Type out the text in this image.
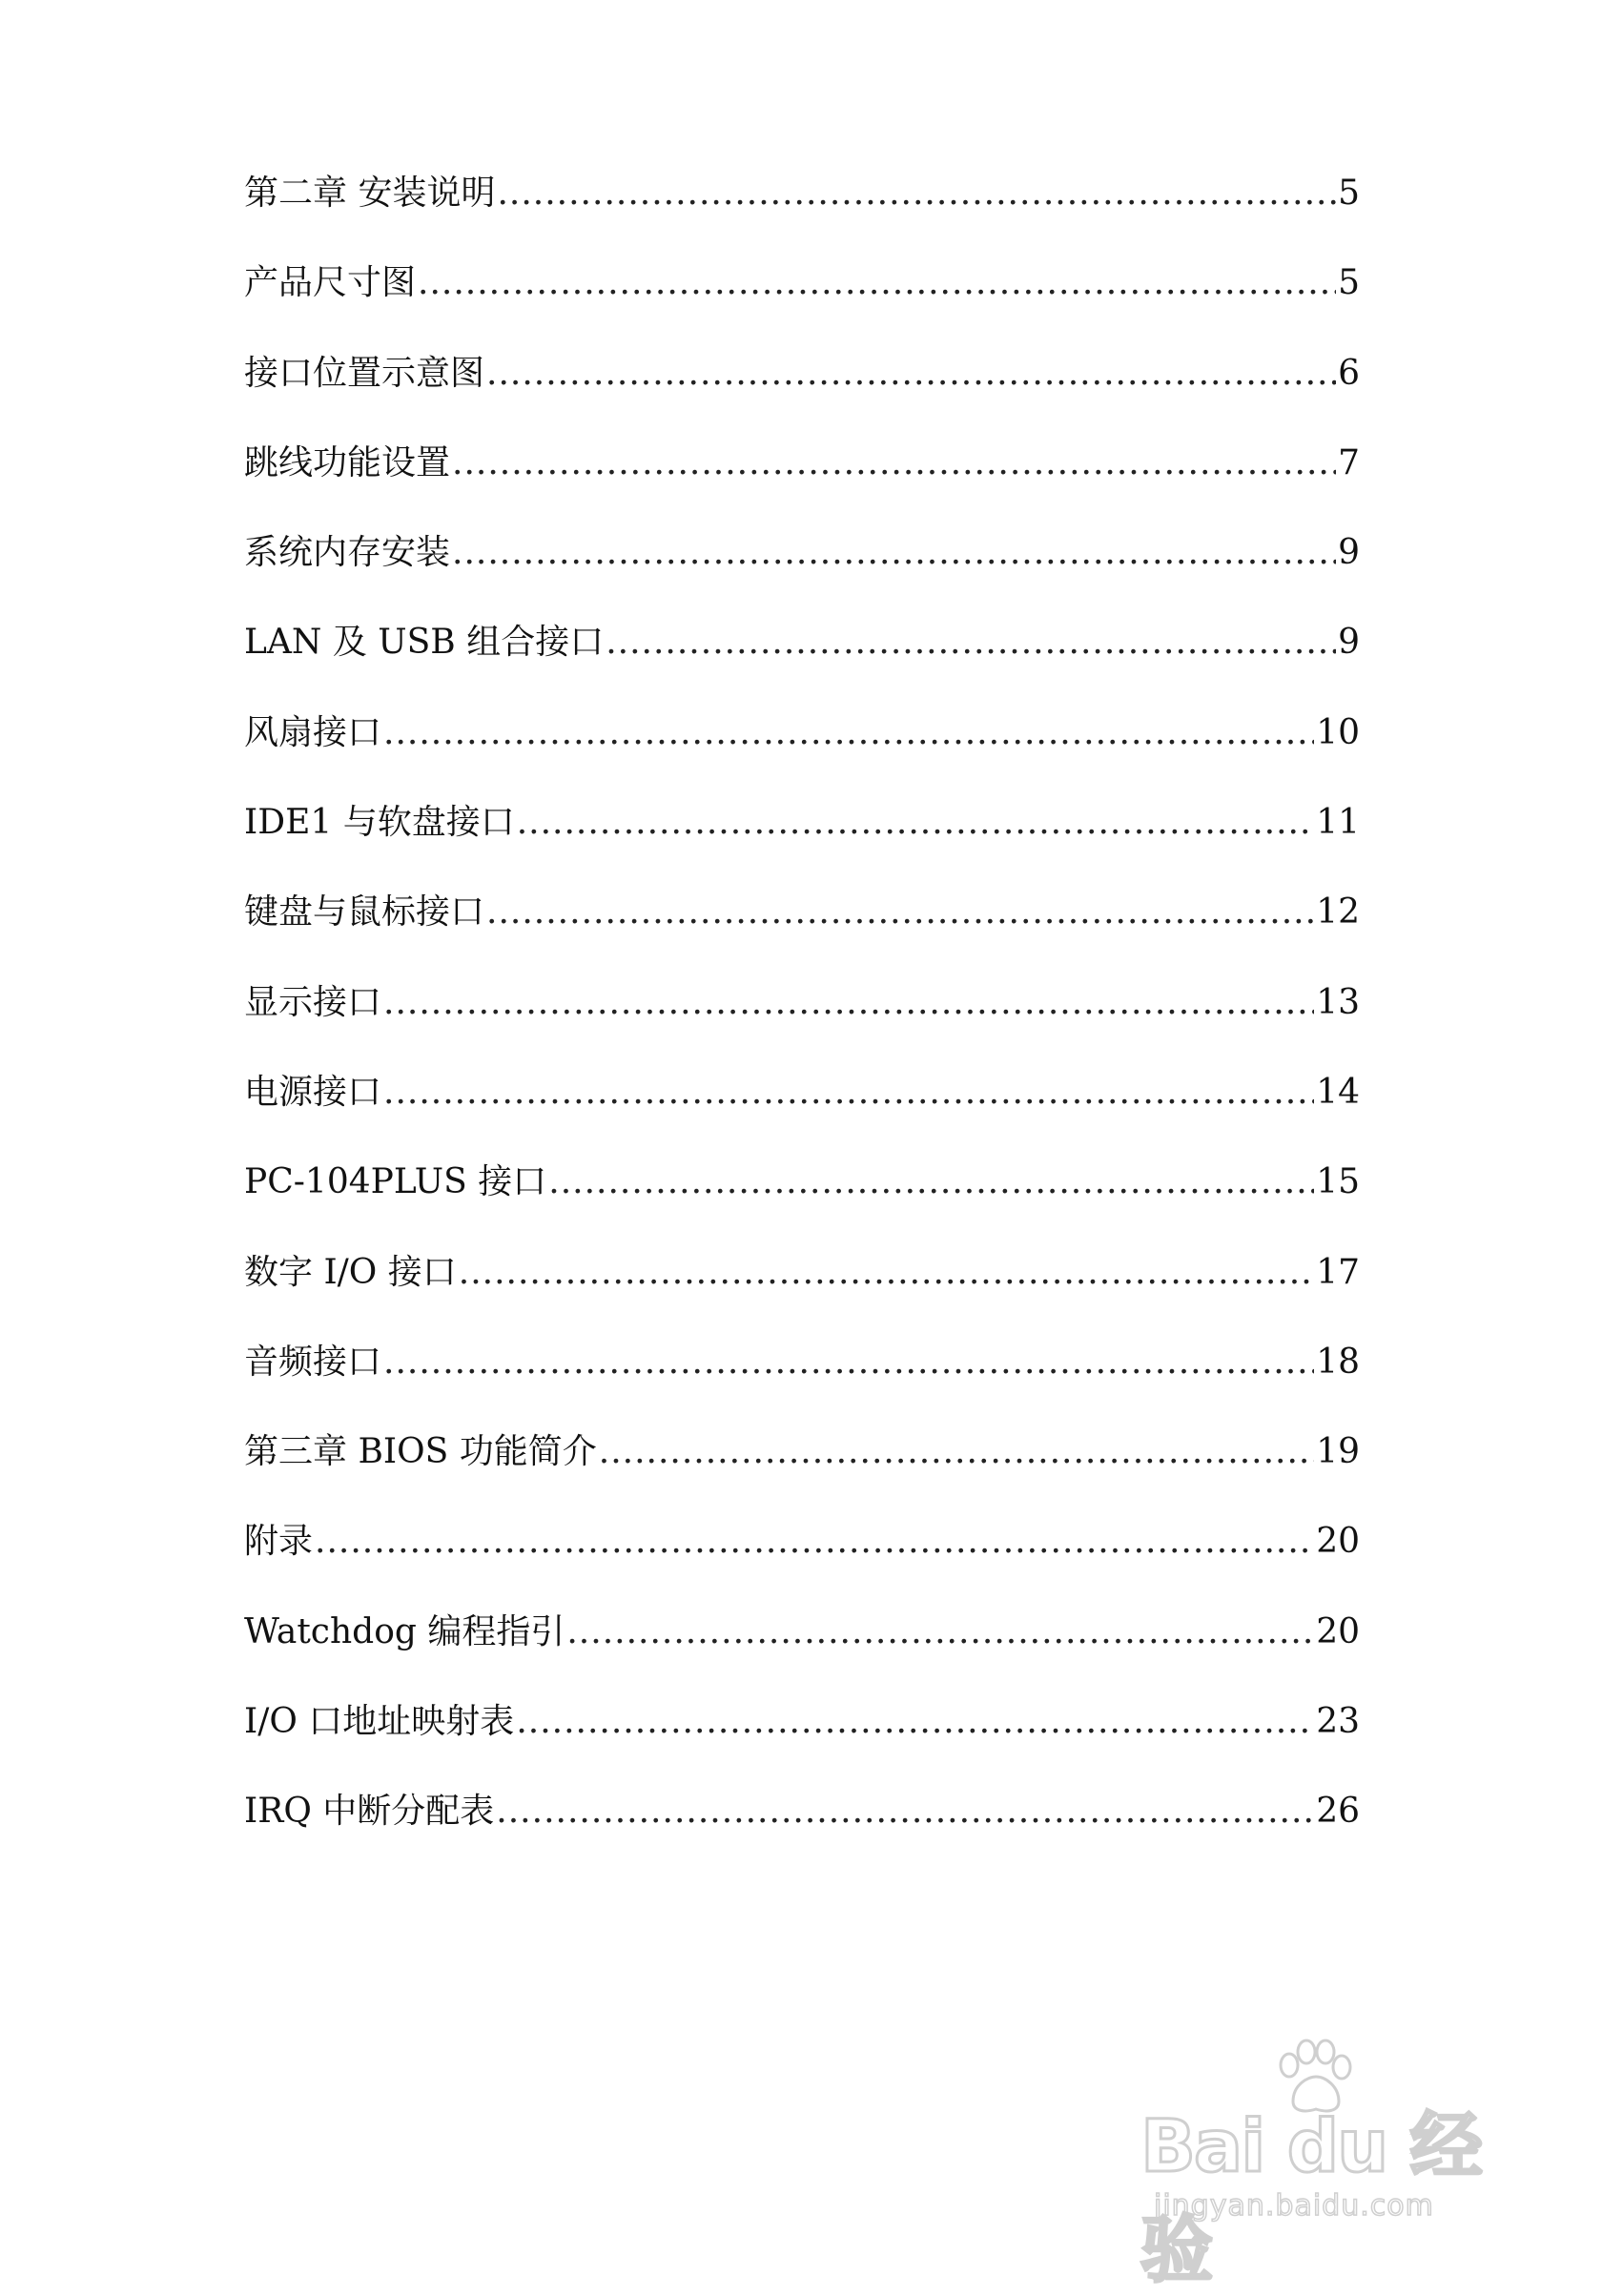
第二章 安装说明 .....	5
产品尺寸图 .....	5
接口位置示意图 .....	6
跳线功能设置 .....	7
系统内存安装 .....	9
LAN 及 USB 组合接口 .....	9
风扇接口 .....	10
IDE1 与软盘接口 .....	11
键盘与鼠标接口 .....	12
显示接口 .....	13
电源接口 .....	14
PC-104PLUS 接口 .....	15
数字 I/O 接口 .....	17
音频接口 .....	18
第三章 BIOS 功能简介 .....	19
附录 .....	20
Watchdog 编程指引 .....	20
I/O 口地址映射表 .....	23
IRQ 中断分配表 .....	26
Bai du 经验
jingyan.baidu.com
